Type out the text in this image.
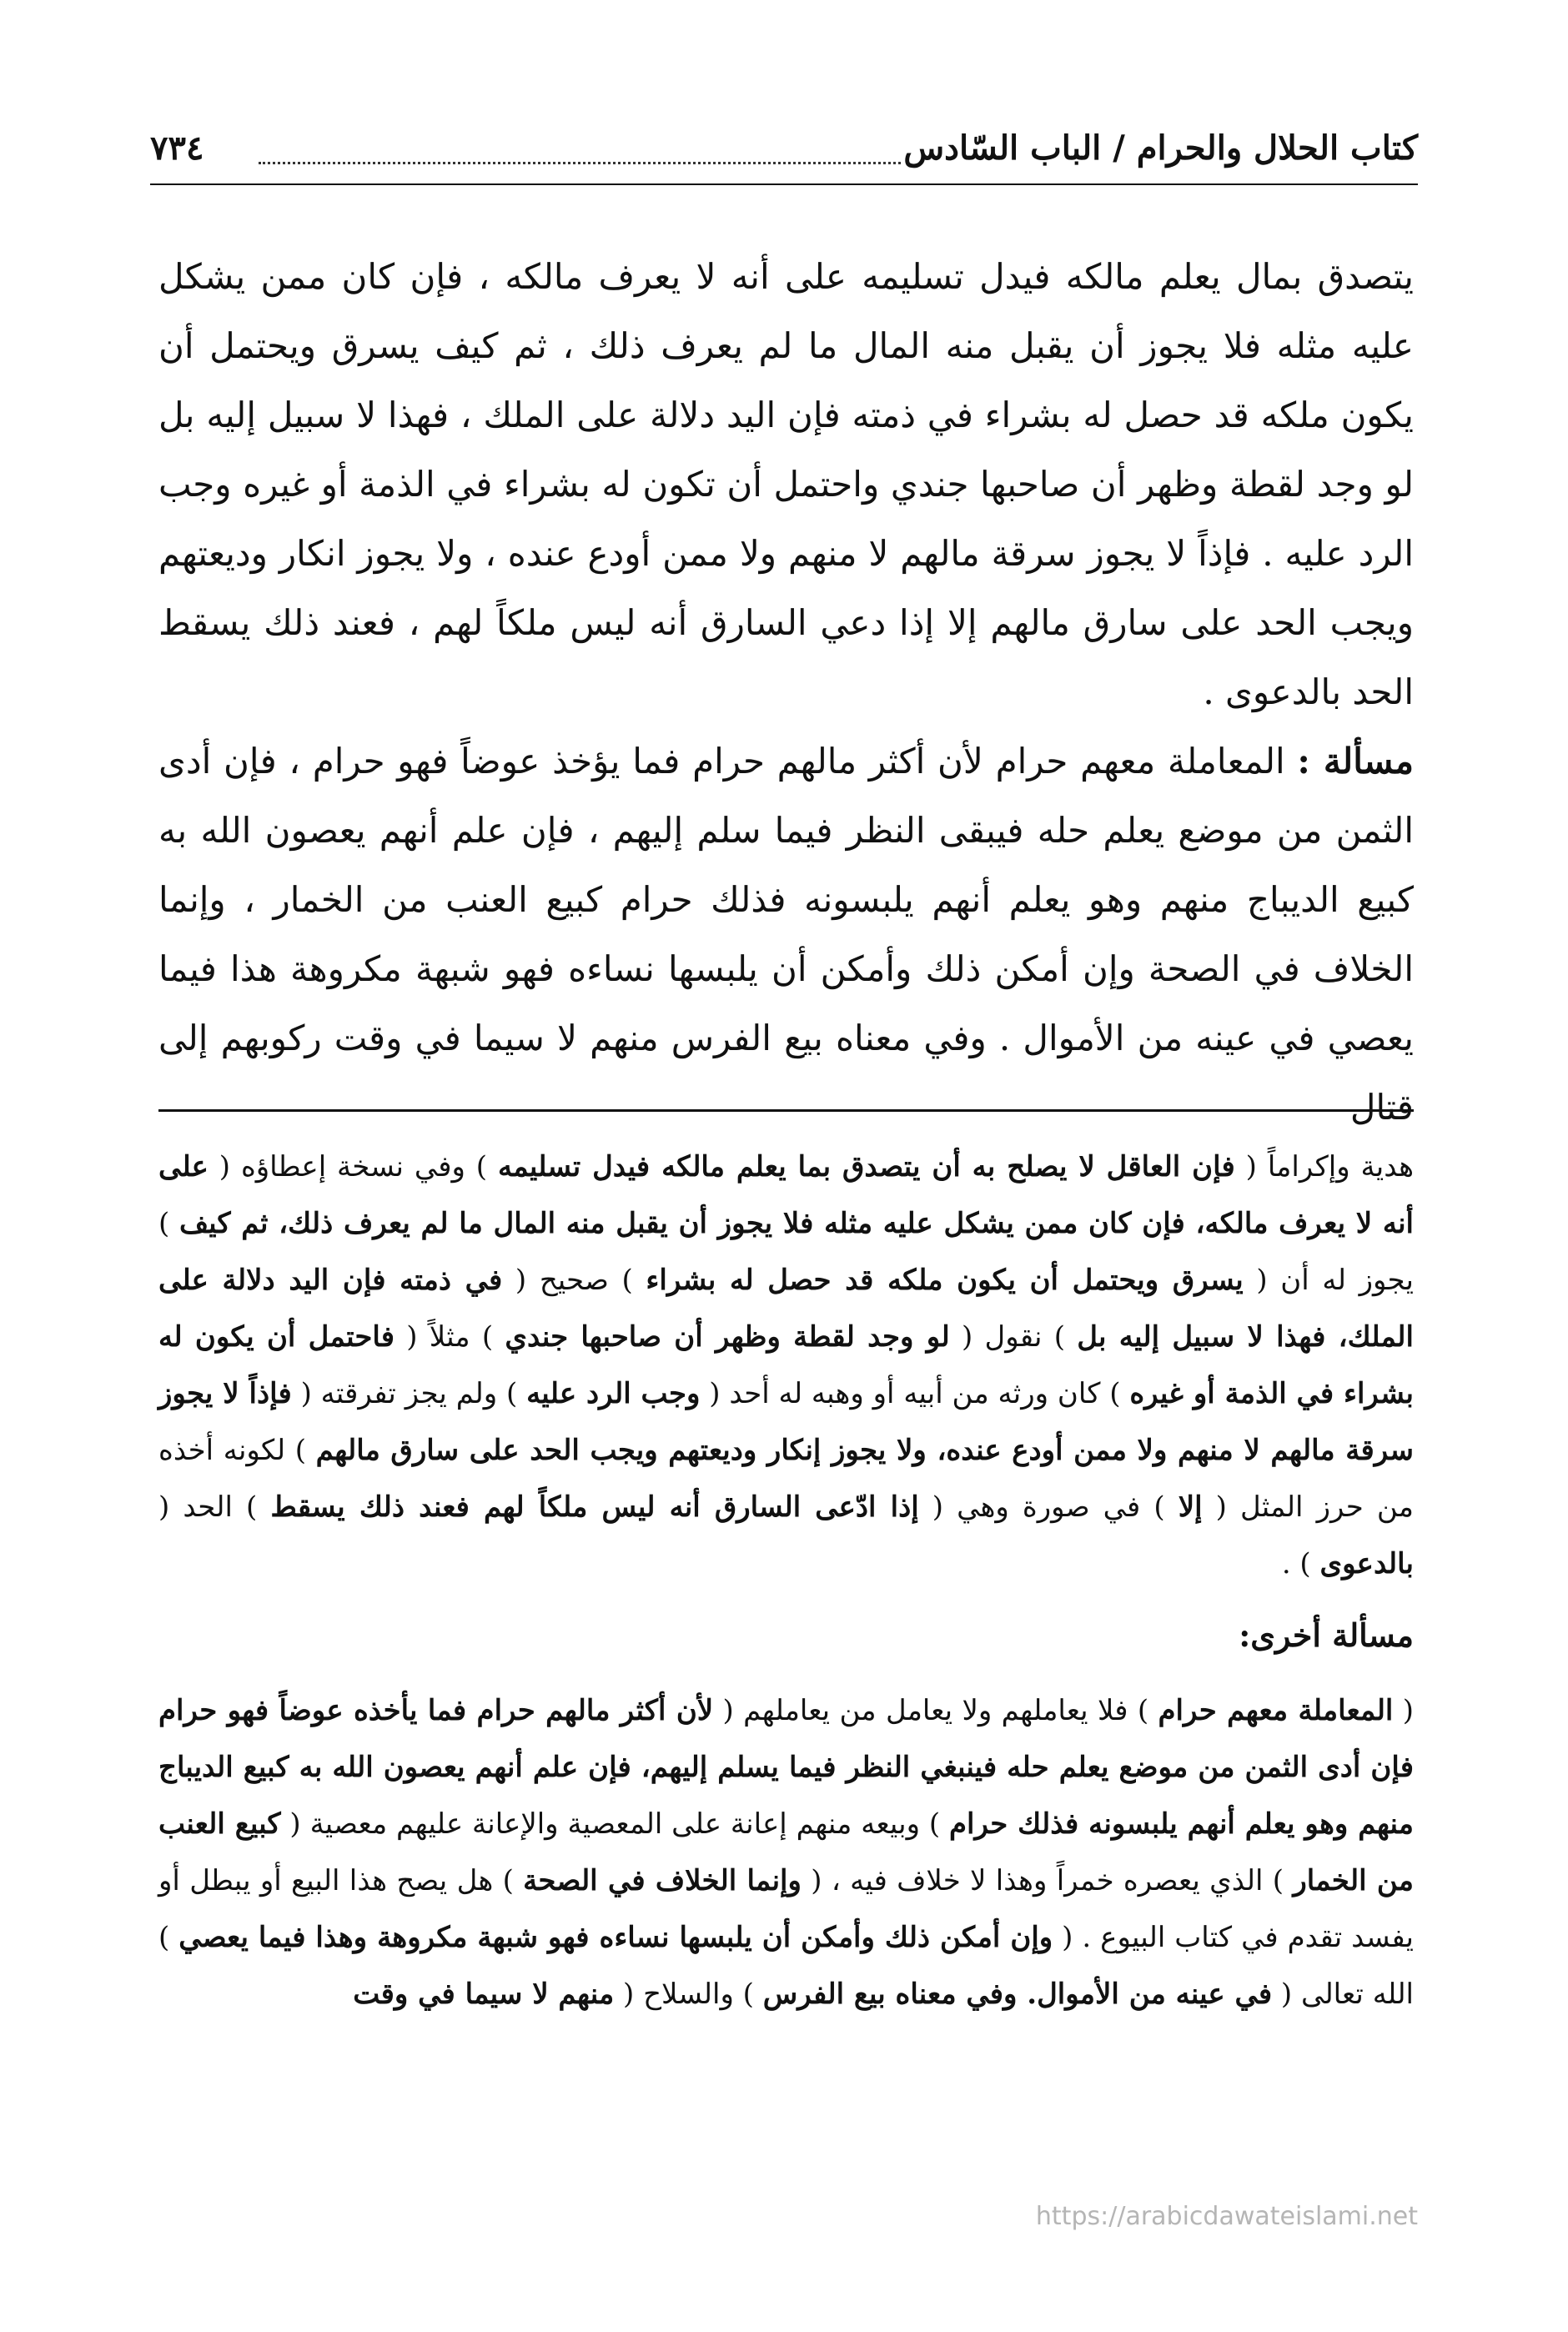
٧٣٤	كتاب الحلال والحرام / الباب السّادس

يتصدق بمال يعلم مالكه فيدل تسليمه على أنه لا يعرف مالكه ، فإن كان ممن يشكل عليه مثله فلا يجوز أن يقبل منه المال ما لم يعرف ذلك ، ثم كيف يسرق ويحتمل أن يكون ملكه قد حصل له بشراء في ذمته فإن اليد دلالة على الملك ، فهذا لا سبيل إليه بل لو وجد لقطة وظهر أن صاحبها جندي واحتمل أن تكون له بشراء في الذمة أو غيره وجب الرد عليه . فإذاً لا يجوز سرقة مالهم لا منهم ولا ممن أودع عنده ، ولا يجوز انكار وديعتهم ويجب الحد على سارق مالهم إلا إذا دعي السارق أنه ليس ملكاً لهم ، فعند ذلك يسقط الحد بالدعوى .

مسألة : المعاملة معهم حرام لأن أكثر مالهم حرام فما يؤخذ عوضاً فهو حرام ، فإن أدى الثمن من موضع يعلم حله فيبقى النظر فيما سلم إليهم ، فإن علم أنهم يعصون الله به كبيع الديباج منهم وهو يعلم أنهم يلبسونه فذلك حرام كبيع العنب من الخمار ، وإنما الخلاف في الصحة وإن أمكن ذلك وأمكن أن يلبسها نساءه فهو شبهة مكروهة هذا فيما يعصي في عينه من الأموال . وفي معناه بيع الفرس منهم لا سيما في وقت ركوبهم إلى قتال

هدية وإكراماً ( فإن العاقل لا يصلح به أن يتصدق بما يعلم مالكه فيدل تسليمه ) وفي نسخة إعطاؤه ( على أنه لا يعرف مالكه، فإن كان ممن يشكل عليه مثله فلا يجوز أن يقبل منه المال ما لم يعرف ذلك، ثم كيف ) يجوز له أن ( يسرق ويحتمل أن يكون ملكه قد حصل له بشراء ) صحيح ( في ذمته فإن اليد دلالة على الملك، فهذا لا سبيل إليه بل ) نقول ( لو وجد لقطة وظهر أن صاحبها جندي ) مثلاً ( فاحتمل أن يكون له بشراء في الذمة أو غيره ) كان ورثه من أبيه أو وهبه له أحد ( وجب الرد عليه ) ولم يجز تفرقته ( فإذاً لا يجوز سرقة مالهم لا منهم ولا ممن أودع عنده، ولا يجوز إنكار وديعتهم ويجب الحد على سارق مالهم ) لكونه أخذه من حرز المثل ( إلا ) في صورة وهي ( إذا ادّعى السارق أنه ليس ملكاً لهم فعند ذلك يسقط ) الحد ( بالدعوى ) .

مسألة أخرى:

( المعاملة معهم حرام ) فلا يعاملهم ولا يعامل من يعاملهم ( لأن أكثر مالهم حرام فما يأخذه عوضاً فهو حرام فإن أدى الثمن من موضع يعلم حله فينبغي النظر فيما يسلم إليهم، فإن علم أنهم يعصون الله به كبيع الديباج منهم وهو يعلم أنهم يلبسونه فذلك حرام ) وبيعه منهم إعانة على المعصية والإعانة عليهم معصية ( كبيع العنب من الخمار ) الذي يعصره خمراً وهذا لا خلاف فيه ، ( وإنما الخلاف في الصحة ) هل يصح هذا البيع أو يبطل أو يفسد تقدم في كتاب البيوع . ( وإن أمكن ذلك وأمكن أن يلبسها نساءه فهو شبهة مكروهة وهذا فيما يعصي ) الله تعالى ( في عينه من الأموال. وفي معناه بيع الفرس ) والسلاح ( منهم لا سيما في وقت

https://arabicdawateislami.net
